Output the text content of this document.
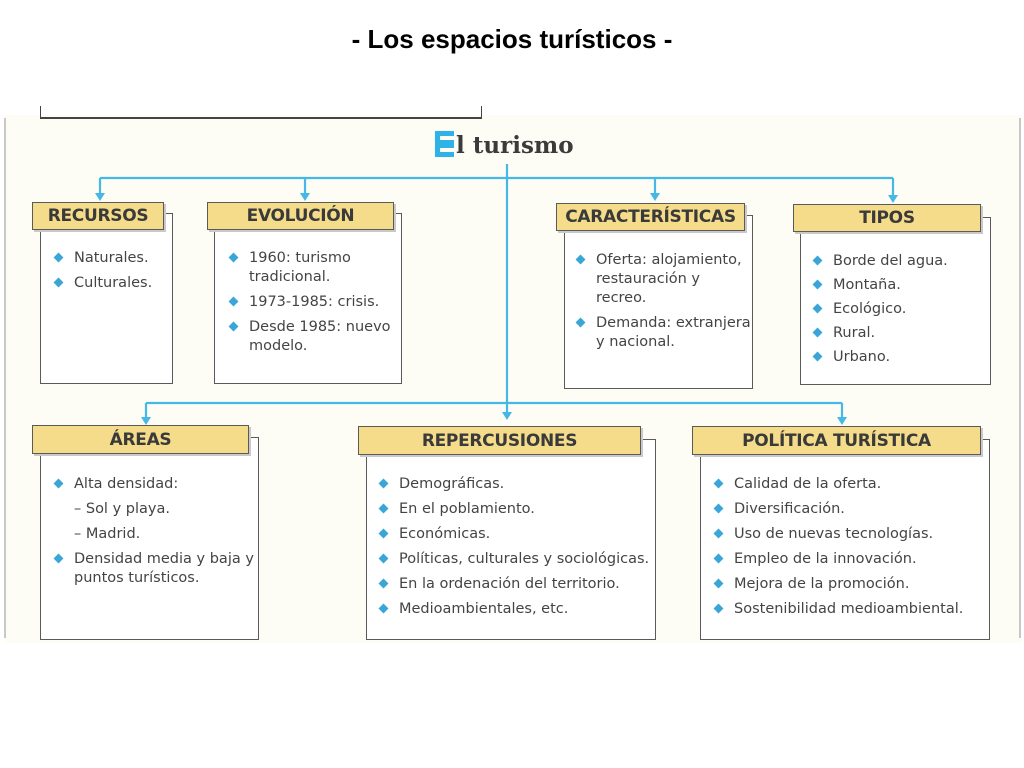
- Los espacios turísticos -
l turismo
RECURSOS
Naturales.
Culturales.
EVOLUCIÓN
1960: turismo tradicional.
1973-1985: crisis.
Desde 1985: nuevo modelo.
CARACTERÍSTICAS
Oferta: alojamiento, restauración y recreo.
Demanda: extranjera y nacional.
TIPOS
Borde del agua.
Montaña.
Ecológico.
Rural.
Urbano.
ÁREAS
Alta densidad:
– Sol y playa.
– Madrid.
Densidad media y baja y puntos turísticos.
REPERCUSIONES
Demográficas.
En el poblamiento.
Económicas.
Políticas, culturales y sociológicas.
En la ordenación del territorio.
Medioambientales, etc.
POLÍTICA TURÍSTICA
Calidad de la oferta.
Diversificación.
Uso de nuevas tecnologías.
Empleo de la innovación.
Mejora de la promoción.
Sostenibilidad medioambiental.
